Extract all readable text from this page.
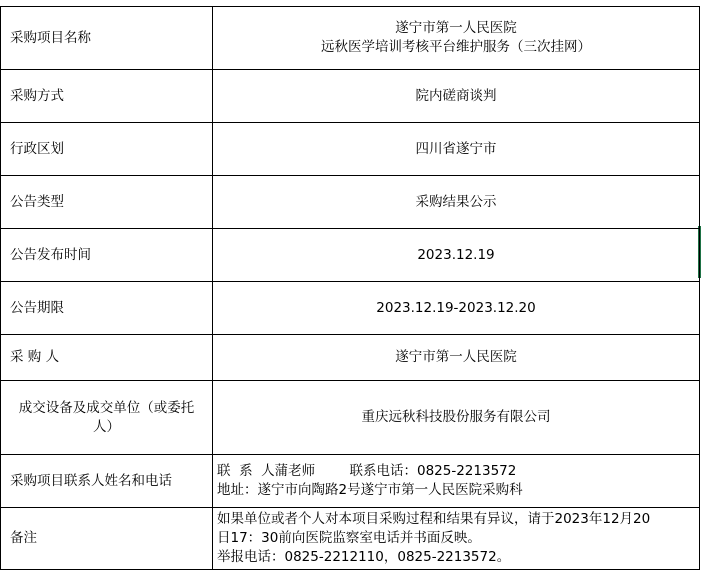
采购项目名称	遂宁市第一人民医院
远秋医学培训考核平台维护服务（三次挂网）

采购方式	院内磋商谈判
行政区划	四川省遂宁市
公告类型	采购结果公示
公告发布时间	2023.12.19
公告期限	2023.12.19-2023.12.20
采 购 人	遂宁市第一人民医院

成交设备及成交单位（或委托
人）	重庆远秋科技股份服务有限公司
采购项目联系人姓名和电话	联  系  人蒲老师        联系电话：0825-2213572
地址：遂宁市向陶路2号遂宁市第一人民医院采购科

备注	如果单位或者个人对本项目采购过程和结果有异议，请于2023年12月20
日17：30前向医院监察室电话并书面反映。
举报电话：0825-2212110，0825-2213572。
